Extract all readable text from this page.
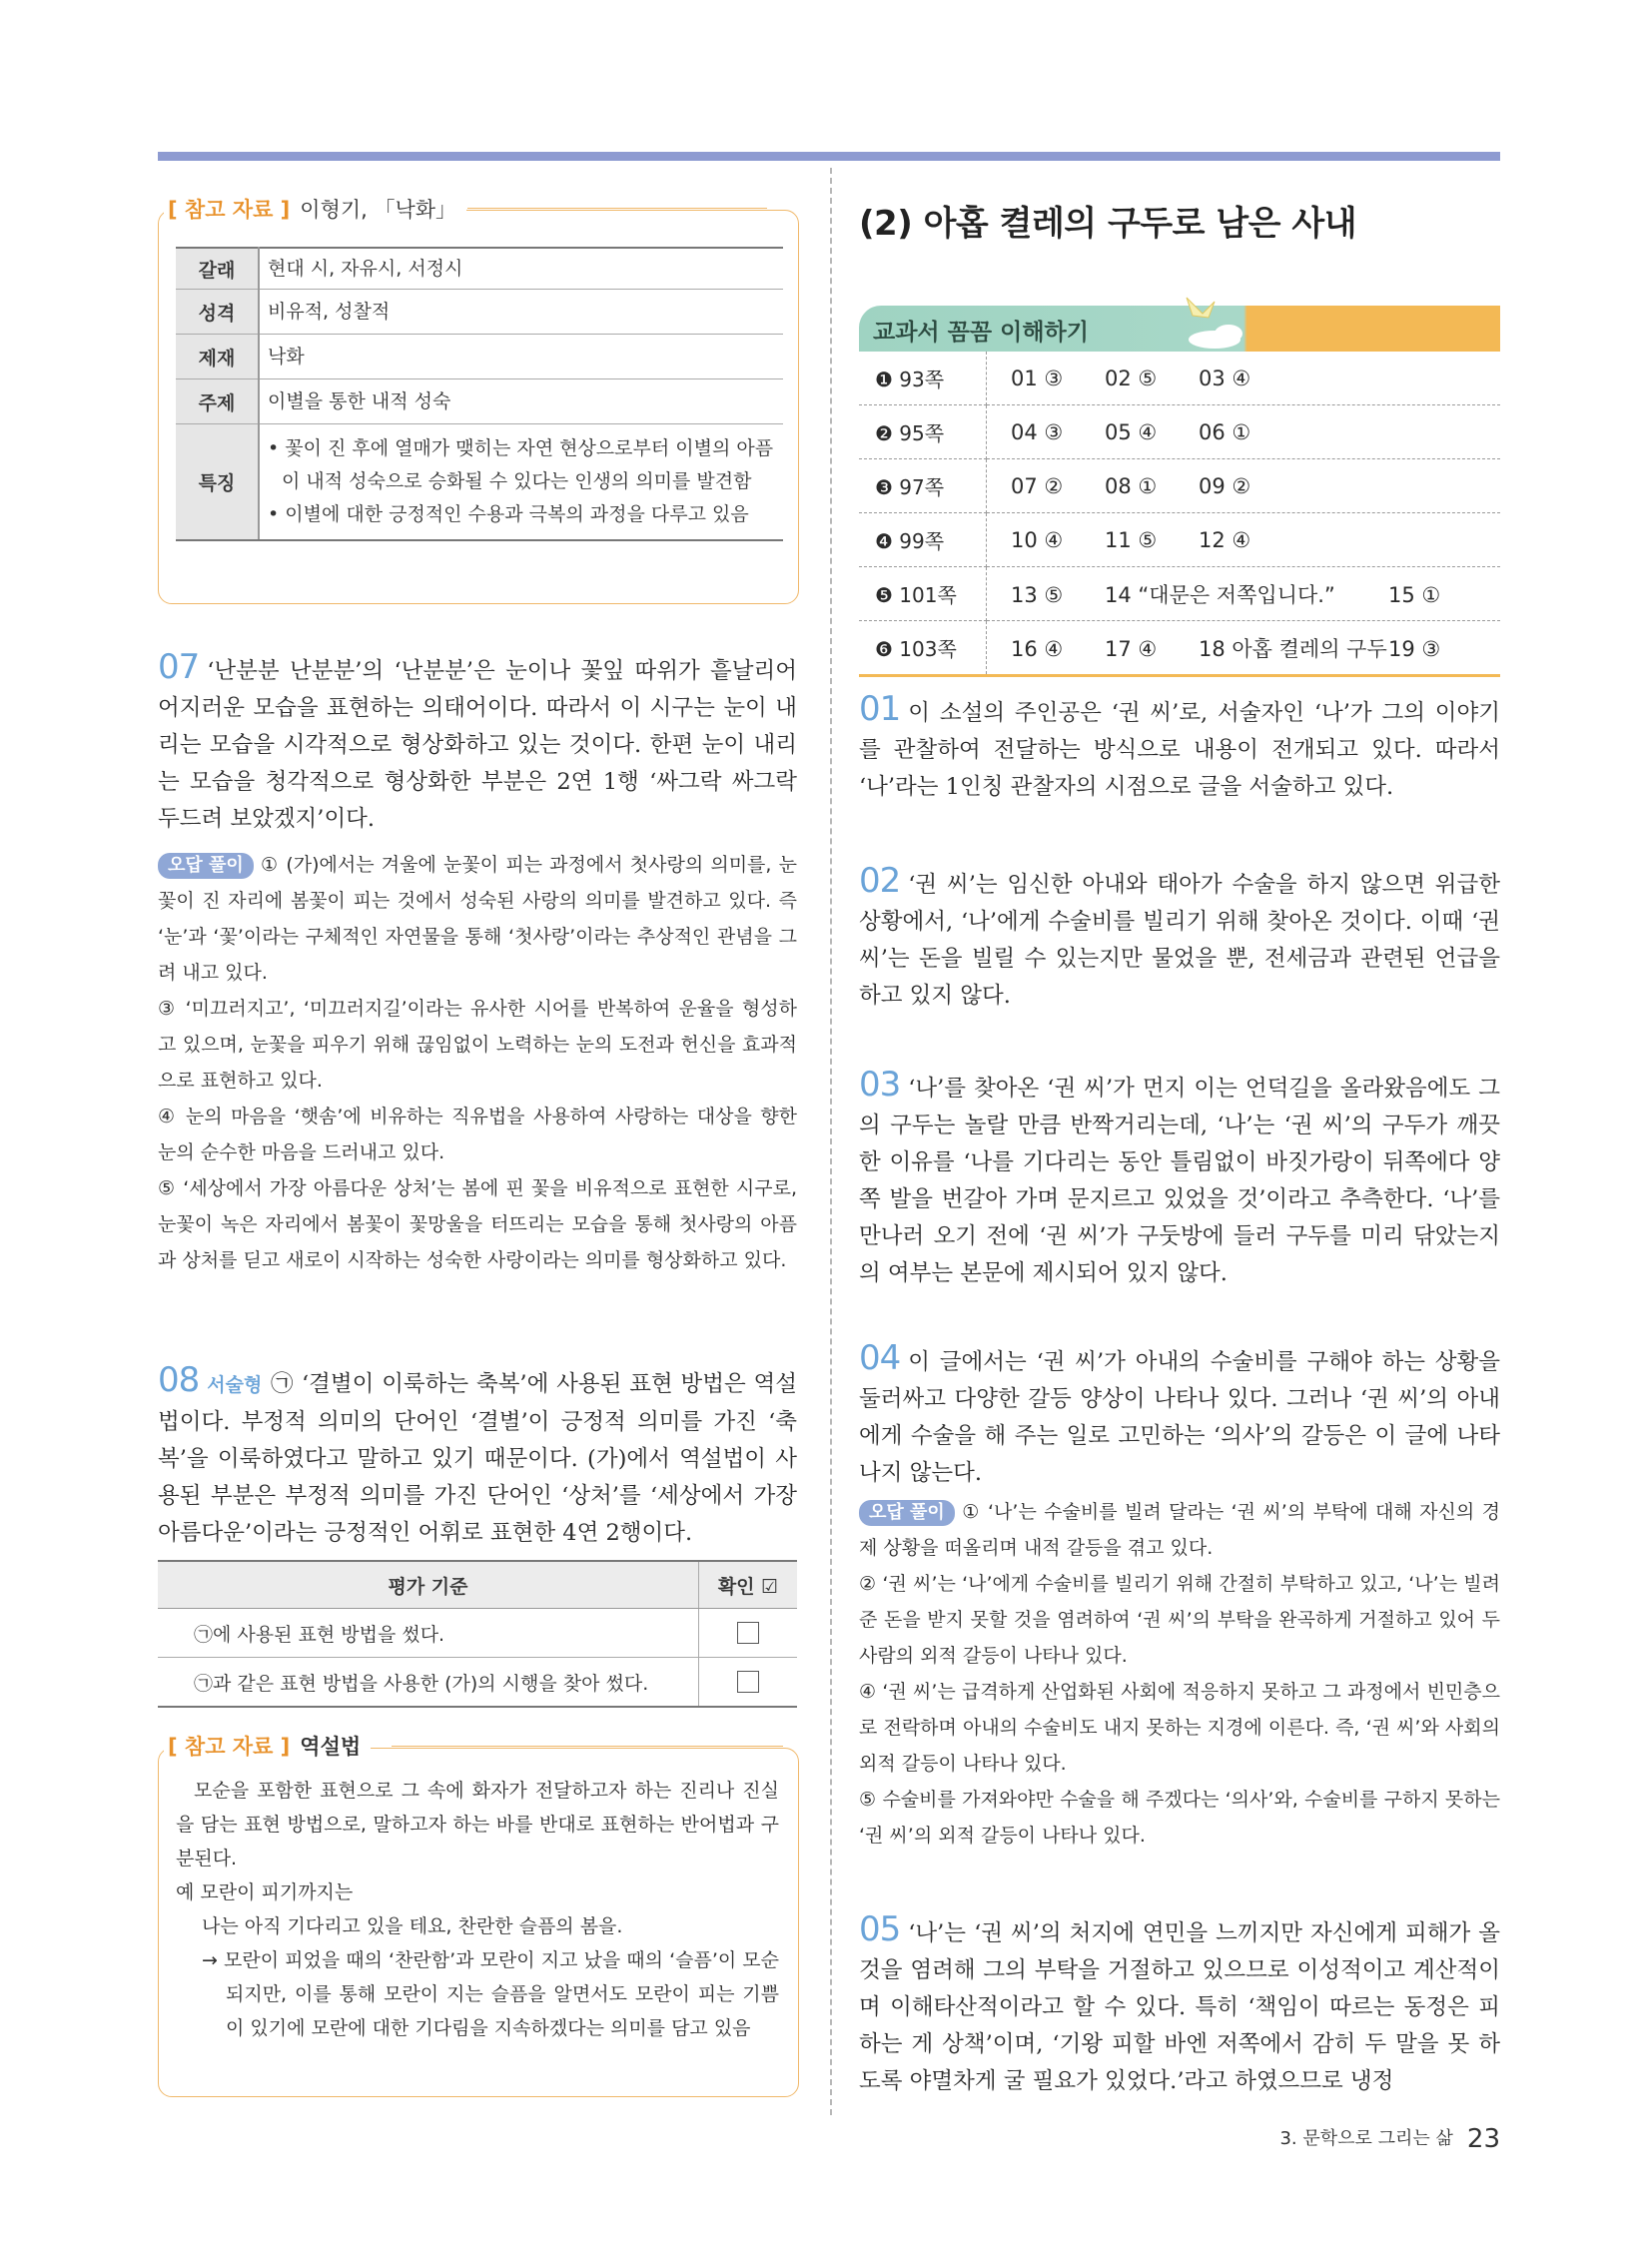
[ 참고 자료 ] 이형기, 「낙화」
갈래	현대 시, 자유시, 서정시
성격	비유적, 성찰적
제재	낙화
주제	이별을 통한 내적 성숙
특징	• 꽃이 진 후에 열매가 맺히는 자연 현상으로부터 이별의 아픔이 내적 성숙으로 승화될 수 있다는 인생의 의미를 발견함
• 이별에 대한 긍정적인 수용과 극복의 과정을 다루고 있음
07 ‘난분분 난분분’의 ‘난분분’은 눈이나 꽃잎 따위가 흩날리어 어지러운 모습을 표현하는 의태어이다. 따라서 이 시구는 눈이 내리는 모습을 시각적으로 형상화하고 있는 것이다. 한편 눈이 내리는 모습을 청각적으로 형상화한 부분은 2연 1행 ‘싸그락 싸그락 두드려 보았겠지’이다.
오답 풀이 ① (가)에서는 겨울에 눈꽃이 피는 과정에서 첫사랑의 의미를, 눈꽃이 진 자리에 봄꽃이 피는 것에서 성숙된 사랑의 의미를 발견하고 있다. 즉 ‘눈’과 ‘꽃’이라는 구체적인 자연물을 통해 ‘첫사랑’이라는 추상적인 관념을 그려 내고 있다.
③ ‘미끄러지고’, ‘미끄러지길’이라는 유사한 시어를 반복하여 운율을 형성하고 있으며, 눈꽃을 피우기 위해 끊임없이 노력하는 눈의 도전과 헌신을 효과적으로 표현하고 있다.
④ 눈의 마음을 ‘햇솜’에 비유하는 직유법을 사용하여 사랑하는 대상을 향한 눈의 순수한 마음을 드러내고 있다.
⑤ ‘세상에서 가장 아름다운 상처’는 봄에 핀 꽃을 비유적으로 표현한 시구로, 눈꽃이 녹은 자리에서 봄꽃이 꽃망울을 터뜨리는 모습을 통해 첫사랑의 아픔과 상처를 딛고 새로이 시작하는 성숙한 사랑이라는 의미를 형상화하고 있다.
08 서술형 ㉠ ‘결별이 이룩하는 축복’에 사용된 표현 방법은 역설법이다. 부정적 의미의 단어인 ‘결별’이 긍정적 의미를 가진 ‘축복’을 이룩하였다고 말하고 있기 때문이다. (가)에서 역설법이 사용된 부분은 부정적 의미를 가진 단어인 ‘상처’를 ‘세상에서 가장 아름다운’이라는 긍정적인 어휘로 표현한 4연 2행이다.
평가 기준	확인 ☑
㉠에 사용된 표현 방법을 썼다.	
㉠과 같은 표현 방법을 사용한 (가)의 시행을 찾아 썼다.	
[ 참고 자료 ] 역설법
모순을 포함한 표현으로 그 속에 화자가 전달하고자 하는 진리나 진실을 담는 표현 방법으로, 말하고자 하는 바를 반대로 표현하는 반어법과 구분된다.
예 모란이 피기까지는
나는 아직 기다리고 있을 테요, 찬란한 슬픔의 봄을.
→ 모란이 피었을 때의 ‘찬란함’과 모란이 지고 났을 때의 ‘슬픔’이 모순되지만, 이를 통해 모란이 지는 슬픔을 알면서도 모란이 피는 기쁨이 있기에 모란에 대한 기다림을 지속하겠다는 의미를 담고 있음
(2) 아홉 켤레의 구두로 남은 사내
교과서 꼼꼼 이해하기
❶ 93쪽	01 ③ 02 ⑤ 03 ④
❷ 95쪽	04 ③ 05 ④ 06 ①
❸ 97쪽	07 ② 08 ① 09 ②
❹ 99쪽	10 ④ 11 ⑤ 12 ④
❺ 101쪽	13 ⑤ 14 “대문은 저쪽입니다.” 15 ①
❻ 103쪽	16 ④ 17 ④ 18 아홉 켤레의 구두19 ③
01 이 소설의 주인공은 ‘권 씨’로, 서술자인 ‘나’가 그의 이야기를 관찰하여 전달하는 방식으로 내용이 전개되고 있다. 따라서 ‘나’라는 1인칭 관찰자의 시점으로 글을 서술하고 있다.
02 ‘권 씨’는 임신한 아내와 태아가 수술을 하지 않으면 위급한 상황에서, ‘나’에게 수술비를 빌리기 위해 찾아온 것이다. 이때 ‘권 씨’는 돈을 빌릴 수 있는지만 물었을 뿐, 전세금과 관련된 언급을 하고 있지 않다.
03 ‘나’를 찾아온 ‘권 씨’가 먼지 이는 언덕길을 올라왔음에도 그의 구두는 놀랄 만큼 반짝거리는데, ‘나’는 ‘권 씨’의 구두가 깨끗한 이유를 ‘나를 기다리는 동안 틀림없이 바짓가랑이 뒤쪽에다 양쪽 발을 번갈아 가며 문지르고 있었을 것’이라고 추측한다. ‘나’를 만나러 오기 전에 ‘권 씨’가 구둣방에 들러 구두를 미리 닦았는지의 여부는 본문에 제시되어 있지 않다.
04 이 글에서는 ‘권 씨’가 아내의 수술비를 구해야 하는 상황을 둘러싸고 다양한 갈등 양상이 나타나 있다. 그러나 ‘권 씨’의 아내에게 수술을 해 주는 일로 고민하는 ‘의사’의 갈등은 이 글에 나타나지 않는다.
오답 풀이 ① ‘나’는 수술비를 빌려 달라는 ‘권 씨’의 부탁에 대해 자신의 경제 상황을 떠올리며 내적 갈등을 겪고 있다.
② ‘권 씨’는 ‘나’에게 수술비를 빌리기 위해 간절히 부탁하고 있고, ‘나’는 빌려준 돈을 받지 못할 것을 염려하여 ‘권 씨’의 부탁을 완곡하게 거절하고 있어 두 사람의 외적 갈등이 나타나 있다.
④ ‘권 씨’는 급격하게 산업화된 사회에 적응하지 못하고 그 과정에서 빈민층으로 전락하며 아내의 수술비도 내지 못하는 지경에 이른다. 즉, ‘권 씨’와 사회의 외적 갈등이 나타나 있다.
⑤ 수술비를 가져와야만 수술을 해 주겠다는 ‘의사’와, 수술비를 구하지 못하는 ‘권 씨’의 외적 갈등이 나타나 있다.
05 ‘나’는 ‘권 씨’의 처지에 연민을 느끼지만 자신에게 피해가 올 것을 염려해 그의 부탁을 거절하고 있으므로 이성적이고 계산적이며 이해타산적이라고 할 수 있다. 특히 ‘책임이 따르는 동정은 피하는 게 상책’이며, ‘기왕 피할 바엔 저쪽에서 감히 두 말을 못 하도록 야멸차게 굴 필요가 있었다.’라고 하였으므로 냉정
3. 문학으로 그리는 삶 23
